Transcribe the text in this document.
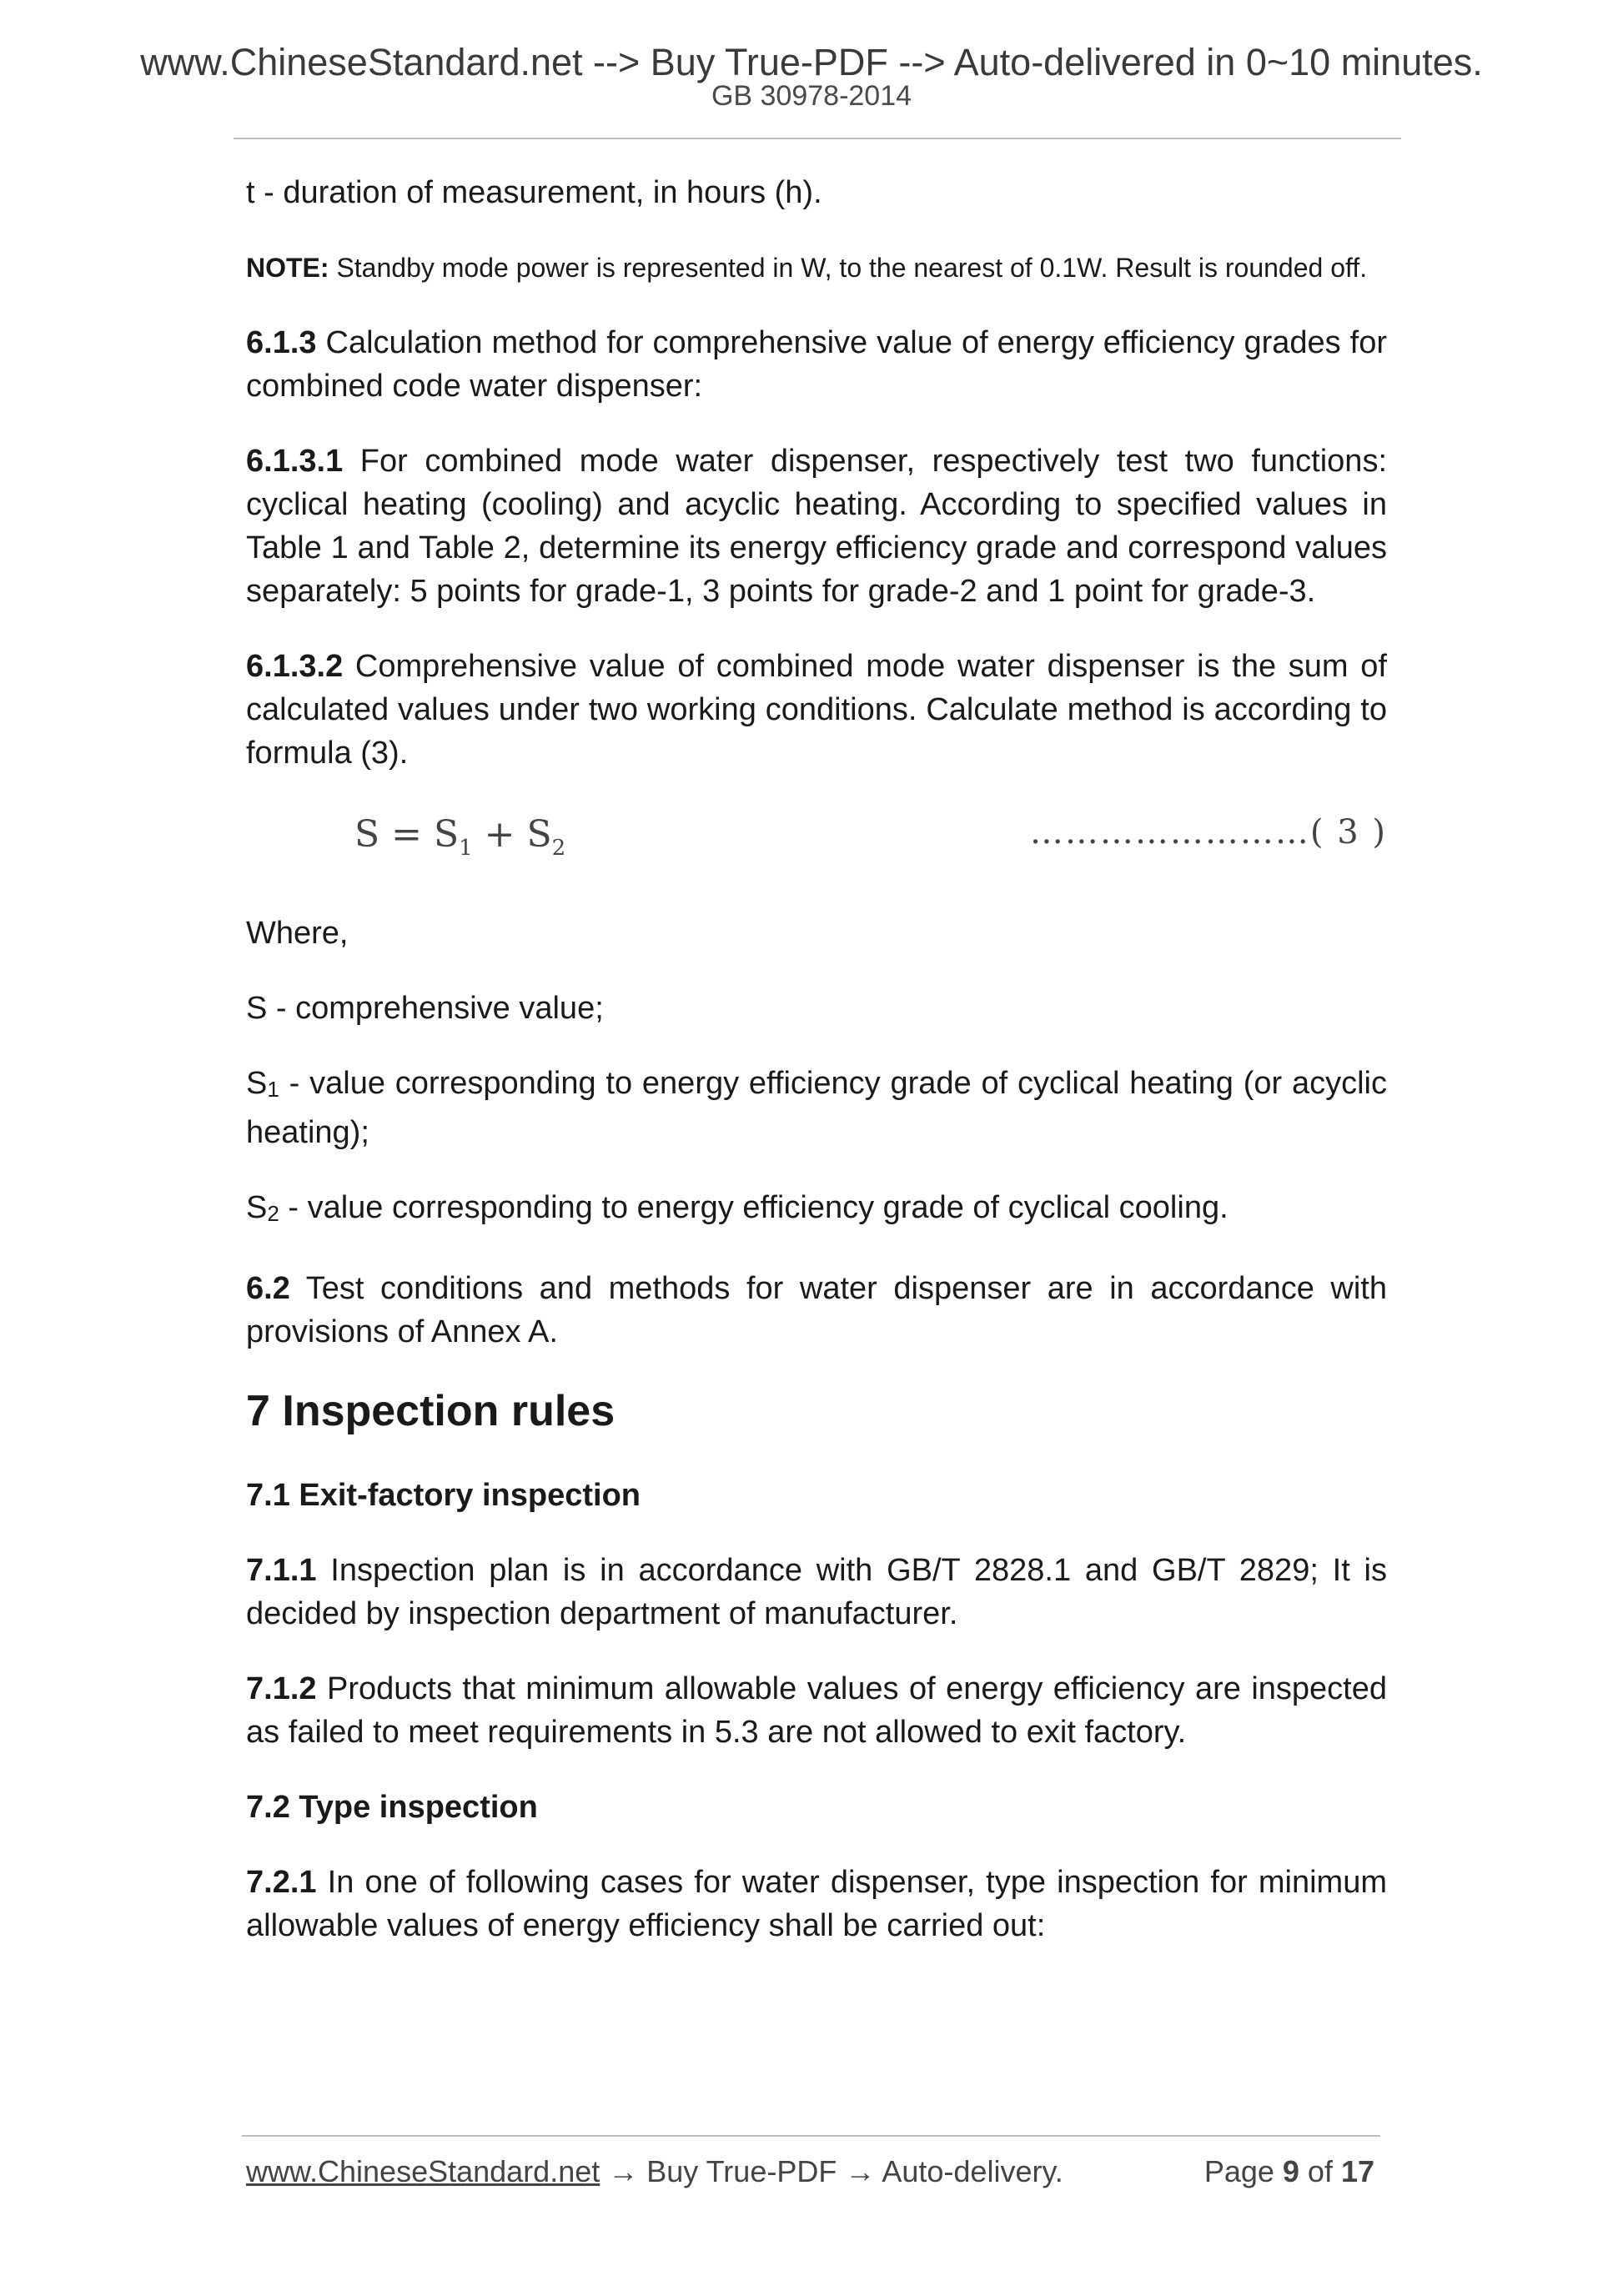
www.ChineseStandard.net --> Buy True-PDF --> Auto-delivered in 0~10 minutes.
GB 30978-2014

t - duration of measurement, in hours (h).

NOTE: Standby mode power is represented in W, to the nearest of 0.1W. Result is rounded off.

6.1.3 Calculation method for comprehensive value of energy efficiency grades for combined code water dispenser:

6.1.3.1 For combined mode water dispenser, respectively test two functions: cyclical heating (cooling) and acyclic heating. According to specified values in Table 1 and Table 2, determine its energy efficiency grade and correspond values separately: 5 points for grade-1, 3 points for grade-2 and 1 point for grade-3.

6.1.3.2 Comprehensive value of combined mode water dispenser is the sum of calculated values under two working conditions. Calculate method is according to formula (3).

$S = S_1 + S_2$	……………………( 3 )

Where,

S - comprehensive value;

$S_1$ - value corresponding to energy efficiency grade of cyclical heating (or acyclic heating);

$S_2$ - value corresponding to energy efficiency grade of cyclical cooling.

6.2 Test conditions and methods for water dispenser are in accordance with provisions of Annex A.

7 Inspection rules
7.1 Exit-factory inspection

7.1.1 Inspection plan is in accordance with GB/T 2828.1 and GB/T 2829; It is decided by inspection department of manufacturer.

7.1.2 Products that minimum allowable values of energy efficiency are inspected as failed to meet requirements in 5.3 are not allowed to exit factory.

7.2 Type inspection

7.2.1 In one of following cases for water dispenser, type inspection for minimum allowable values of energy efficiency shall be carried out:

www.ChineseStandard.net → Buy True-PDF → Auto-delivery.	Page 9 of 17
